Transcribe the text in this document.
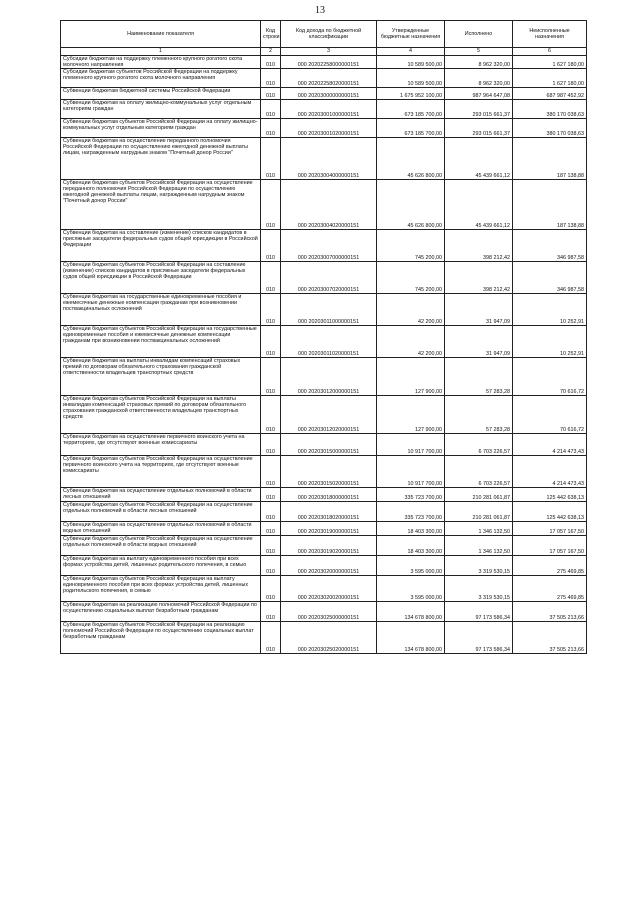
13
Наименование показателя	Код строки	Код дохода по бюджетной классификации	Утвержденные бюджетные назначения	Исполнено	Неисполненные назначения
1	2	3	4	5	6
Субсидии бюджетам на поддержку племенного крупного рогатого скота молочного направления	010	000 20202258000000151	10 589 500,00	8 962 320,00	1 627 180,00
Субсидии бюджетам субъектов Российской Федерации на поддержку племенного крупного рогатого скота молочного направления	010	000 20202258020000151	10 589 500,00	8 962 320,00	1 627 180,00
Субвенции бюджетам бюджетной системы Российской Федерации	010	000 20203000000000151	1 675 952 100,00	987 964 647,08	687 987 452,92
Субвенции бюджетам на оплату жилищно-коммунальных услуг отдельным категориям граждан	010	000 20203001000000151	673 185 700,00	293 015 661,37	380 170 038,63
Субвенции бюджетам субъектов Российской Федерации на оплату жилищно-коммунальных услуг отдельным категориям граждан	010	000 20203001020000151	673 185 700,00	293 015 661,37	380 170 038,63
Субвенции бюджетам на осуществление переданного полномочия Российской Федерации по осуществлению ежегодной денежной выплаты лицам, награжденным нагрудным знаком "Почетный донор России"	010	000 20203004000000151	45 626 800,00	45 439 661,12	187 138,88
Субвенции бюджетам субъектов Российской Федерации на осуществление переданного полномочия Российской Федерации по осуществлению ежегодной денежной выплаты лицам, награжденным нагрудным знаком "Почетный донор России"	010	000 20203004020000151	45 626 800,00	45 439 661,12	187 138,88
Субвенции бюджетам на составление (изменение) списков кандидатов в присяжные заседатели федеральных судов общей юрисдикции в Российской Федерации	010	000 20203007000000151	745 200,00	398 212,42	346 987,58
Субвенции бюджетам субъектов Российской Федерации на составление (изменение) списков кандидатов в присяжные заседатели федеральных судов общей юрисдикции в Российской Федерации	010	000 20203007020000151	745 200,00	398 212,42	346 987,58
Субвенции бюджетам на государственные единовременные пособия и ежемесячные денежные компенсации гражданам при возникновении поствакцинальных осложнений	010	000 20203011000000151	42 200,00	31 947,09	10 252,91
Субвенции бюджетам субъектов Российской Федерации на государственные единовременные пособия и ежемесячные денежные компенсации гражданам при возникновении поствакцинальных осложнений	010	000 20203011020000151	42 200,00	31 947,09	10 252,91
Субвенции бюджетам на выплаты инвалидам компенсаций страховых премий по договорам обязательного страхования гражданской ответственности владельцев транспортных средств	010	000 20203012000000151	127 900,00	57 283,28	70 616,72
Субвенции бюджетам субъектов Российской Федерации на выплаты инвалидам компенсаций страховых премий по договорам обязательного страхования гражданской ответственности владельцев транспортных средств	010	000 20203012020000151	127 900,00	57 283,28	70 616,72
Субвенции бюджетам на осуществление первичного воинского учета на территориях, где отсутствуют военные комиссариаты	010	000 20203015000000151	10 917 700,00	6 703 226,57	4 214 473,43
Субвенции бюджетам субъектов Российской Федерации на осуществление первичного воинского учета на территориях, где отсутствуют военные комиссариаты	010	000 20203015020000151	10 917 700,00	6 703 226,57	4 214 473,43
Субвенции бюджетам на осуществление отдельных полномочий в области лесных отношений	010	000 20203018000000151	335 723 700,00	210 281 061,87	125 442 638,13
Субвенции бюджетам субъектов Российской Федерации на осуществление отдельных полномочий в области лесных отношений	010	000 20203018020000151	335 723 700,00	210 281 061,87	125 442 638,13
Субвенции бюджетам на осуществление отдельных полномочий в области водных отношений	010	000 20203019000000151	18 403 300,00	1 346 132,50	17 057 167,50
Субвенции бюджетам субъектов Российской Федерации на осуществление отдельных полномочий в области водных отношений	010	000 20203019020000151	18 403 300,00	1 346 132,50	17 057 167,50
Субвенции бюджетам на выплату единовременного пособия при всех формах устройства детей, лишенных родительского попечения, в семью	010	000 20203020000000151	3 595 000,00	3 319 530,15	275 469,85
Субвенции бюджетам субъектов Российской Федерации на выплату единовременного пособия при всех формах устройства детей, лишенных родительского попечения, в семью	010	000 20203020020000151	3 595 000,00	3 319 530,15	275 469,85
Субвенции бюджетам на реализацию полномочий Российской Федерации по осуществлению социальных выплат безработным гражданам	010	000 20203025000000151	134 678 800,00	97 173 586,34	37 505 213,66
Субвенции бюджетам субъектов Российской Федерации на реализацию полномочий Российской Федерации по осуществлению социальных выплат безработным гражданам	010	000 20203025020000151	134 678 800,00	97 173 586,34	37 505 213,66
